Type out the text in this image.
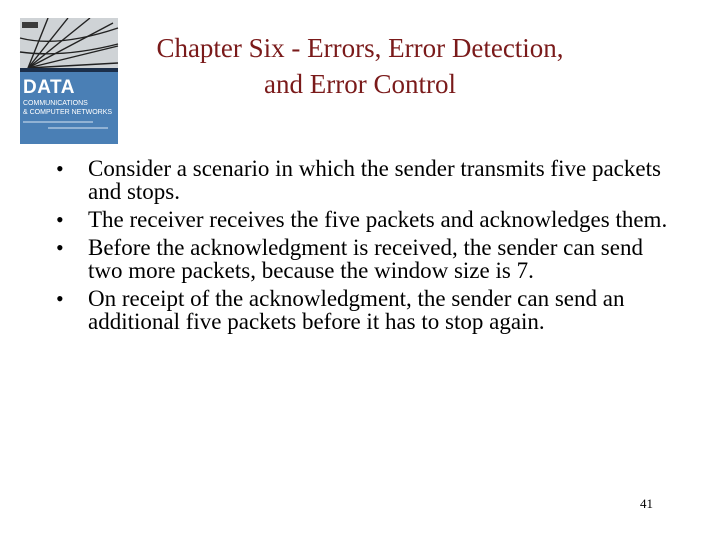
DATA
COMMUNICATIONS
& COMPUTER NETWORKS
Chapter Six - Errors, Error Detection,
and Error Control
• Consider a scenario in which the sender transmits five packets and stops.
• The receiver receives the five packets and acknowledges them.
• Before the acknowledgment is received, the sender can send two more packets, because the window size is 7.
• On receipt of the acknowledgment, the sender can send an additional five packets before it has to stop again.
41
